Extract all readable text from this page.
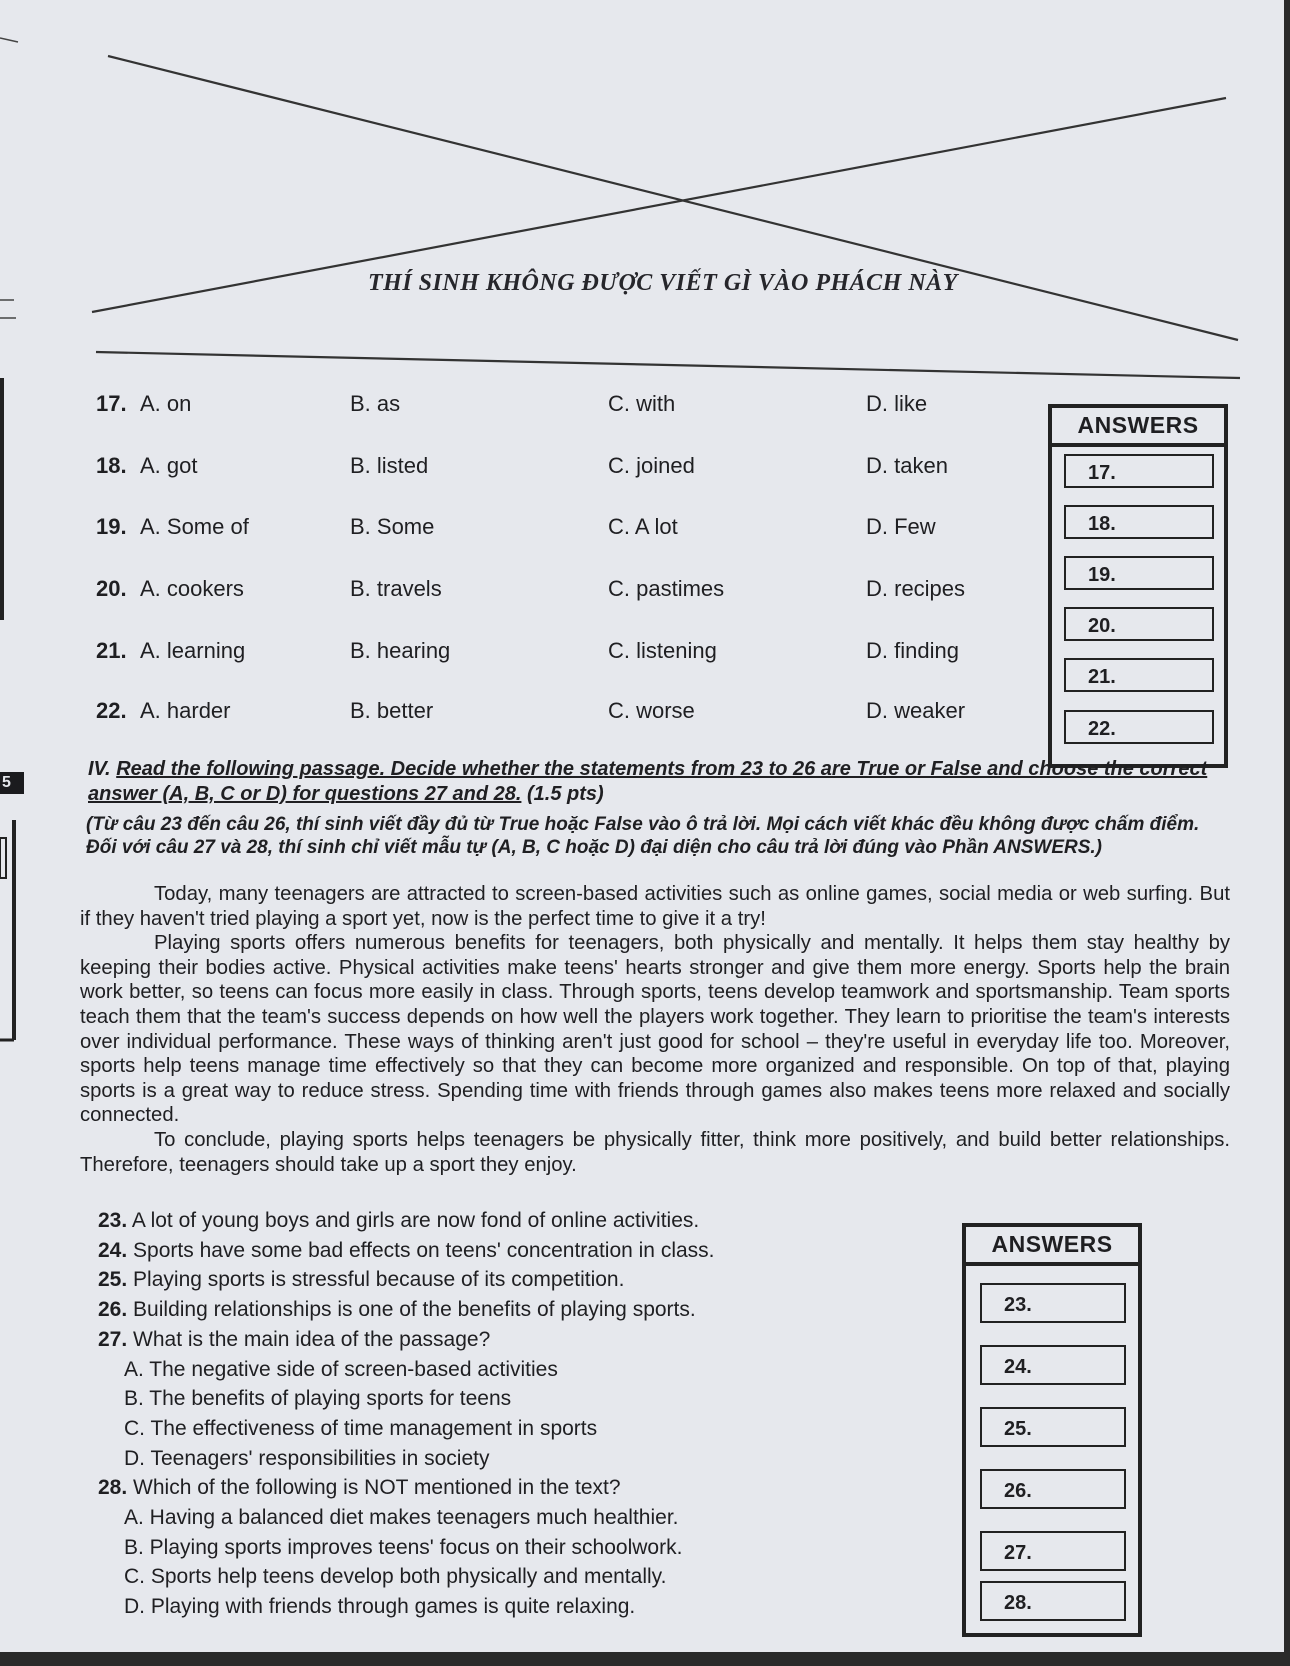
THÍ SINH KHÔNG ĐƯỢC VIẾT GÌ VÀO PHÁCH NÀY
5
17. A. on	B. as	C. with	D. like
18. A. got	B. listed	C. joined	D. taken
19. A. Some of	B. Some	C. A lot	D. Few
20. A. cookers	B. travels	C. pastimes	D. recipes
21. A. learning	B. hearing	C. listening	D. finding
22. A. harder	B. better	C. worse	D. weaker
ANSWERS
17.
18.
19.
20.
21.
22.
IV. Read the following passage. Decide whether the statements from 23 to 26 are True or False and choose the correct answer (A, B, C or D) for questions 27 and 28. (1.5 pts)
(Từ câu 23 đến câu 26, thí sinh viết đầy đủ từ True hoặc False vào ô trả lời. Mọi cách viết khác đều không được chấm điểm. Đối với câu 27 và 28, thí sinh chỉ viết mẫu tự (A, B, C hoặc D) đại diện cho câu trả lời đúng vào Phần ANSWERS.)

Today, many teenagers are attracted to screen-based activities such as online games, social media or web surfing. But if they haven't tried playing a sport yet, now is the perfect time to give it a try!

Playing sports offers numerous benefits for teenagers, both physically and mentally. It helps them stay healthy by keeping their bodies active. Physical activities make teens' hearts stronger and give them more energy. Sports help the brain work better, so teens can focus more easily in class. Through sports, teens develop teamwork and sportsmanship. Team sports teach them that the team's success depends on how well the players work together. They learn to prioritise the team's interests over individual performance. These ways of thinking aren't just good for school – they're useful in everyday life too. Moreover, sports help teens manage time effectively so that they can become more organized and responsible. On top of that, playing sports is a great way to reduce stress. Spending time with friends through games also makes teens more relaxed and socially connected.

To conclude, playing sports helps teenagers be physically fitter, think more positively, and build better relationships. Therefore, teenagers should take up a sport they enjoy.

23. A lot of young boys and girls are now fond of online activities.
24. Sports have some bad effects on teens' concentration in class.
25. Playing sports is stressful because of its competition.
26. Building relationships is one of the benefits of playing sports.
27. What is the main idea of the passage?
A. The negative side of screen-based activities
B. The benefits of playing sports for teens
C. The effectiveness of time management in sports
D. Teenagers' responsibilities in society
28. Which of the following is NOT mentioned in the text?
A. Having a balanced diet makes teenagers much healthier.
B. Playing sports improves teens' focus on their schoolwork.
C. Sports help teens develop both physically and mentally.
D. Playing with friends through games is quite relaxing.
ANSWERS
23.
24.
25.
26.
27.
28.
